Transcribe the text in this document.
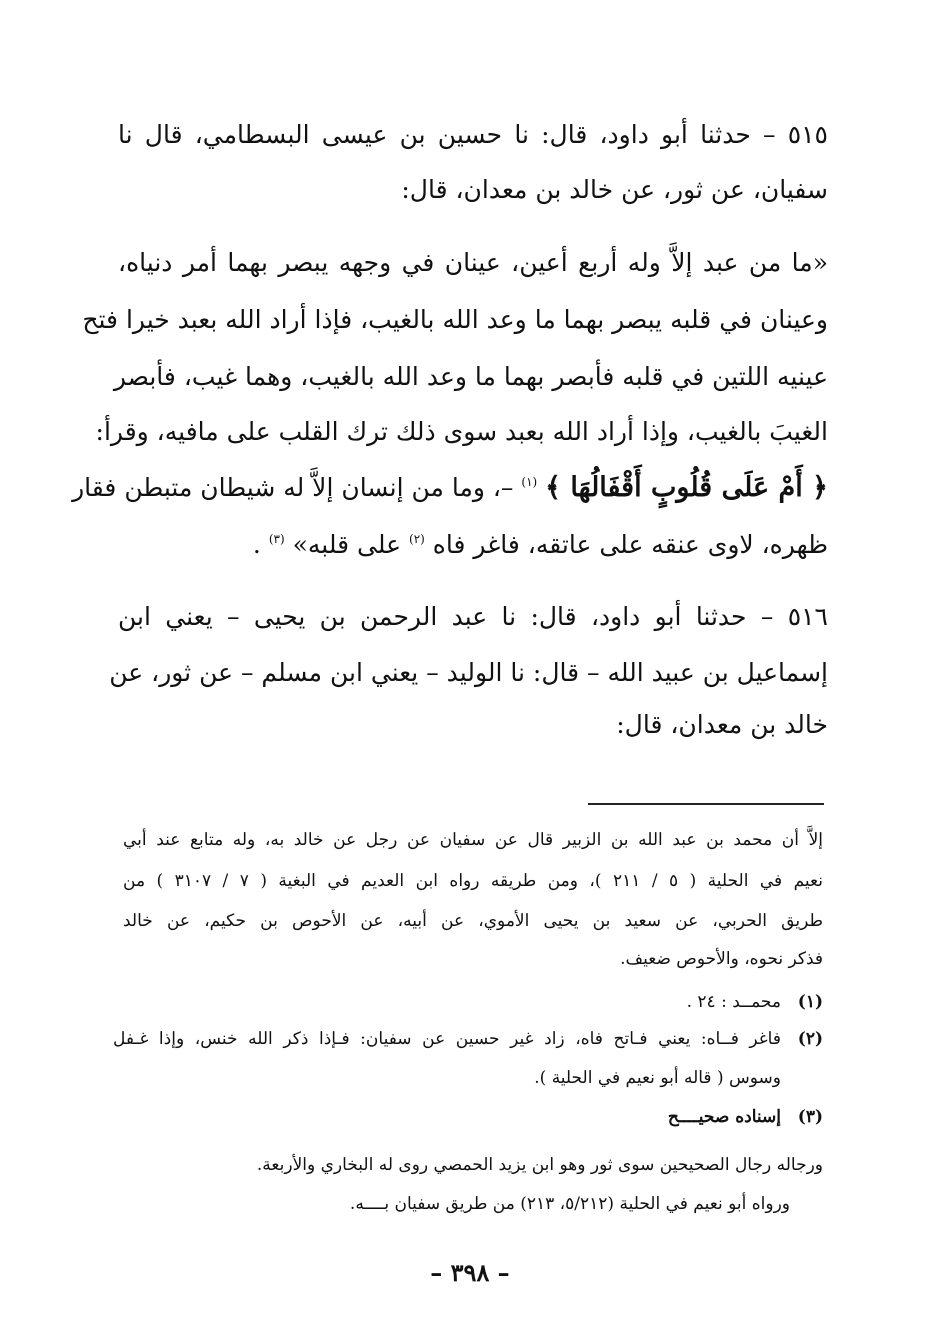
٥١٥ – حدثنا أبو داود، قال: نا حسين بن عيسى البسطامي، قال نا
سفيان، عن ثور، عن خالد بن معدان، قال:
«ما من عبد إلاَّ وله أربع أعين، عينان في وجهه يبصر بهما أمر دنياه،
وعينان في قلبه يبصر بهما ما وعد الله بالغيب، فإذا أراد الله بعبد خيرا فتح
عينيه اللتين في قلبه فأبصر بهما ما وعد الله بالغيب، وهما غيب، فأبصر
الغيبَ بالغيب، وإذا أراد الله بعبد سوى ذلك ترك القلب على مافيه، وقرأ:
﴿ أَمْ عَلَى قُلُوبٍ أَقْفَالُهَا ﴾ $^{(١)}$ –، وما من إنسان إلاَّ له شيطان متبطن فقار
ظهره، لاوى عنقه على عاتقه، فاغر فاه $^{(٢)}$ على قلبه» $^{(٣)}$ .
٥١٦ – حدثنا أبو داود، قال: نا عبد الرحمن بن يحيى – يعني ابن
إسماعيل بن عبيد الله – قال: نا الوليد – يعني ابن مسلم – عن ثور، عن
خالد بن معدان، قال:
إلاَّ أن محمد بن عبد الله بن الزبير قال عن سفيان عن رجل عن خالد به، وله متابع عند أبي
نعيم في الحلية ( ٥ / ٢١١ )، ومن طريقه رواه ابن العديم في البغية ( ٧ / ٣١٠٧ ) من
طريق الحربي، عن سعيد بن يحيى الأموي، عن أبيه، عن الأحوص بن حكيم، عن خالد
فذكر نحوه، والأحوص ضعيف.
(١)
محمــد : ٢٤ .
(٢)
فاغر فــاه: يعني فـاتح فاه، زاد غير حسين عن سفيان: فـإذا ذكر الله خنس، وإذا غـفل
وسوس ( قاله أبو نعيم في الحلية ).
(٣)
إسناده صحيــــح
ورجاله رجال الصحيحين سوى ثور وهو ابن يزيد الحمصي روى له البخاري والأربعة.
ورواه أبو نعيم في الحلية (٥/٢١٢، ٢١٣) من طريق سفيان بــــه.
– ٣٩٨ –
